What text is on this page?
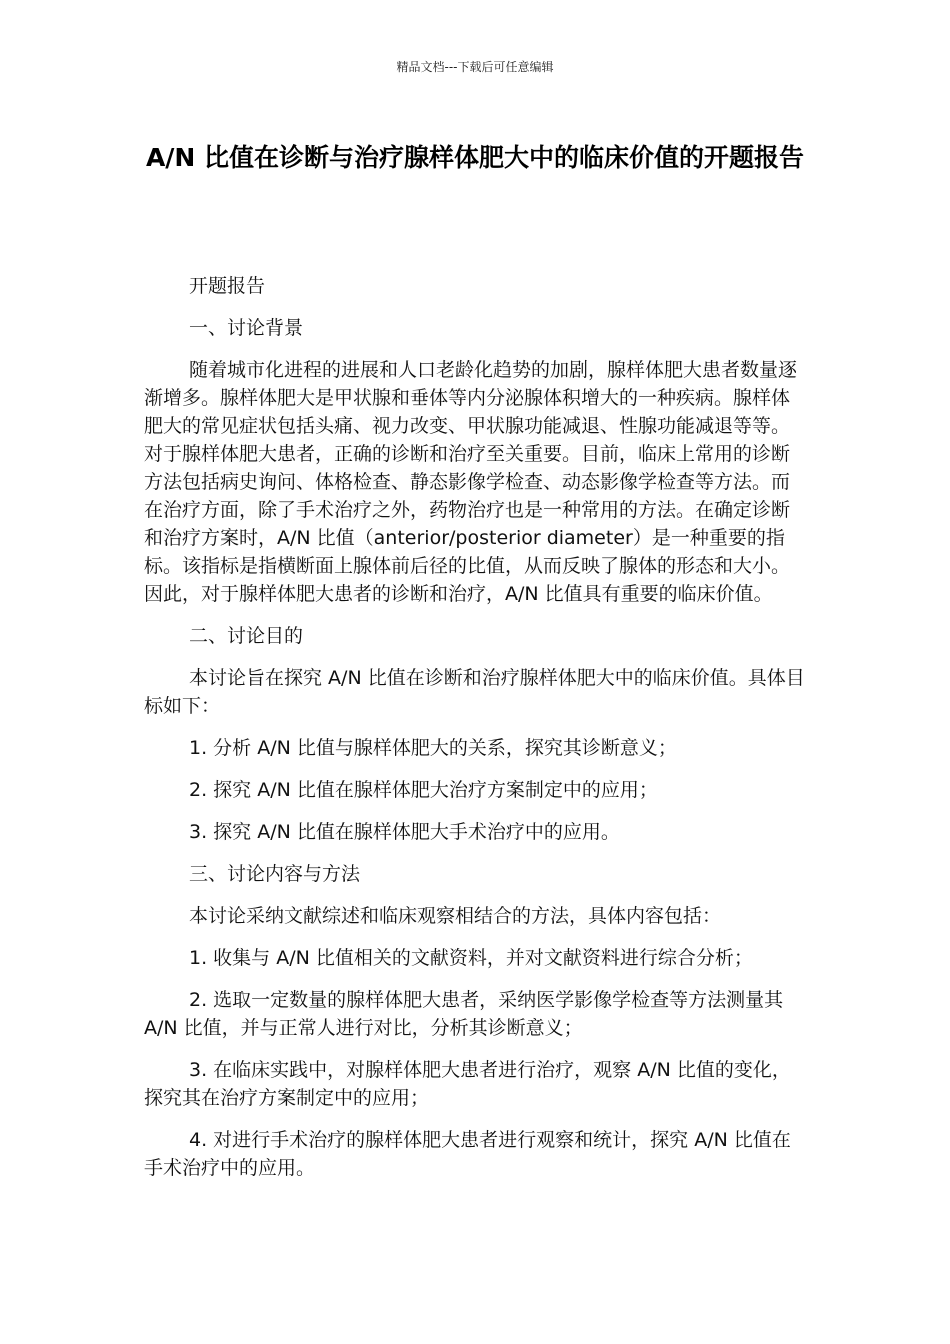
精品文档---下载后可任意编辑
A/N 比值在诊断与治疗腺样体肥大中的临床价值的开题报告

开题报告

一、讨论背景

随着城市化进程的进展和人口老龄化趋势的加剧，腺样体肥大患者数量逐渐增多。腺样体肥大是甲状腺和垂体等内分泌腺体积增大的一种疾病。腺样体肥大的常见症状包括头痛、视力改变、甲状腺功能减退、性腺功能减退等等。对于腺样体肥大患者，正确的诊断和治疗至关重要。目前，临床上常用的诊断方法包括病史询问、体格检查、静态影像学检查、动态影像学检查等方法。而在治疗方面，除了手术治疗之外，药物治疗也是一种常用的方法。在确定诊断和治疗方案时，A/N 比值（anterior/posterior diameter）是一种重要的指标。该指标是指横断面上腺体前后径的比值，从而反映了腺体的形态和大小。因此，对于腺样体肥大患者的诊断和治疗，A/N 比值具有重要的临床价值。

二、讨论目的

本讨论旨在探究 A/N 比值在诊断和治疗腺样体肥大中的临床价值。具体目标如下：

1. 分析 A/N 比值与腺样体肥大的关系，探究其诊断意义；

2. 探究 A/N 比值在腺样体肥大治疗方案制定中的应用；

3. 探究 A/N 比值在腺样体肥大手术治疗中的应用。

三、讨论内容与方法

本讨论采纳文献综述和临床观察相结合的方法，具体内容包括：

1. 收集与 A/N 比值相关的文献资料，并对文献资料进行综合分析；

2. 选取一定数量的腺样体肥大患者，采纳医学影像学检查等方法测量其 A/N 比值，并与正常人进行对比，分析其诊断意义；

3. 在临床实践中，对腺样体肥大患者进行治疗，观察 A/N 比值的变化，探究其在治疗方案制定中的应用；

4. 对进行手术治疗的腺样体肥大患者进行观察和统计，探究 A/N 比值在手术治疗中的应用。
